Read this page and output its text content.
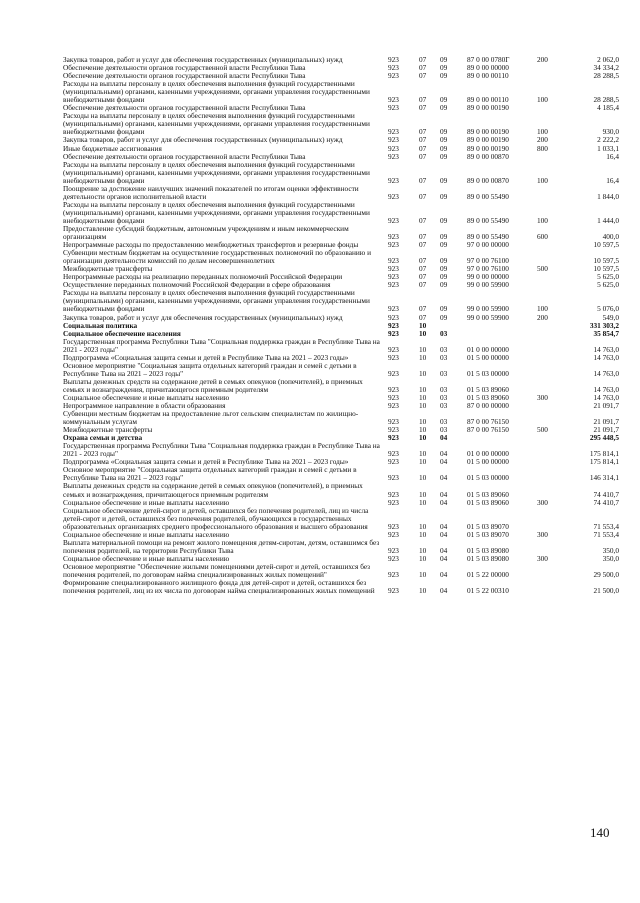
Закупка товаров, работ и услуг для обеспечения государственных (муниципальных) нужд	923	07 09	87 0 00 0780Г	200	2 062,0
Обеспечение деятельности органов государственной власти Республики Тыва	923	07 09	89 0 00 00000	34 334,2
Обеспечение деятельности органов государственной власти Республики Тыва	923	07 09	89 0 00 00110	28 288,5
Расходы на выплаты персоналу в целях обеспечения выполнения функций государственными (муниципальными) органами, казенными учреждениями, органами управления государственными внебюджетными фондами	923	07 09	89 0 00 00110	100	28 288,5
Обеспечение деятельности органов государственной власти Республики Тыва	923	07 09	89 0 00 00190	4 185,4
Расходы на выплаты персоналу в целях обеспечения выполнения функций государственными (муниципальными) органами, казенными учреждениями, органами управления государственными внебюджетными фондами	923	07 09	89 0 00 00190	100	930,0
Закупка товаров, работ и услуг для обеспечения государственных (муниципальных) нужд	923	07 09	89 0 00 00190	200	2 222,2
Иные бюджетные ассигнования	923	07 09	89 0 00 00190	800	1 033,1
Обеспечение деятельности органов государственной власти Республики Тыва	923	07 09	89 0 00 00870	16,4
Расходы на выплаты персоналу в целях обеспечения выполнения функций государственными (муниципальными) органами, казенными учреждениями, органами управления государственными внебюджетными фондами	923	07 09	89 0 00 00870	100	16,4
Поощрение за достижение наилучших значений показателей по итогам оценки эффективности деятельности органов исполнительной власти	923	07 09	89 0 00 55490	1 844,0
Расходы на выплаты персоналу в целях обеспечения выполнения функций государственными (муниципальными) органами, казенными учреждениями, органами управления государственными внебюджетными фондами	923	07 09	89 0 00 55490	100	1 444,0
Предоставление субсидий бюджетным, автономным учреждениям и иным некоммерческим организациям	923	07 09	89 0 00 55490	600	400,0
Непрограммные расходы по предоставлению межбюджетных трансфертов и резервные фонды	923	07 09	97 0 00 00000	10 597,5
Субвенции местным бюджетам на осуществление государственных полномочий по образованию и организации деятельности комиссий по делам несовершеннолетних	923	07 09	97 0 00 76100	10 597,5
Межбюджетные трансферты	923	07 09	97 0 00 76100	500	10 597,5
Непрограммные расходы на реализацию переданных полномочий Российской Федерации	923	07 09	99 0 00 00000	5 625,0
Осуществление переданных полномочий Российской Федерации в сфере образования	923	07 09	99 0 00 59900	5 625,0
Расходы на выплаты персоналу в целях обеспечения выполнения функций государственными (муниципальными) органами, казенными учреждениями, органами управления государственными внебюджетными фондами	923	07 09	99 0 00 59900	100	5 076,0
Закупка товаров, работ и услуг для обеспечения государственных (муниципальных) нужд	923	07 09	99 0 00 59900	200	549,0
Социальная политика	923	10	331 303,2
Социальное обеспечение населения	923	10 03	35 854,7
Государственная программа Республики Тыва "Социальная поддержка граждан в Республике Тыва на 2021 - 2023 годы"	923	10 03	01 0 00 00000	14 763,0
Подпрограмма «Социальная защита семьи и детей в Республике Тыва на 2021 – 2023 годы»	923	10 03	01 5 00 00000	14 763,0
Основное мероприятие "Социальная защита отдельных категорий граждан и семей с детьми в Республике Тыва на 2021 – 2023 годы"	923	10 03	01 5 03 00000	14 763,0
Выплаты денежных средств на содержание детей в семьях опекунов (попечителей), в приемных семьях и вознаграждения, причитающегося приемным родителям	923	10 03	01 5 03 89060	14 763,0
Социальное обеспечение и иные выплаты населению	923	10 03	01 5 03 89060	300	14 763,0
Непрограммное направление в области образования	923	10 03	87 0 00 00000	21 091,7
Субвенции местным бюджетам на предоставление льгот сельским специалистам по жилищно-коммунальным услугам	923	10 03	87 0 00 76150	21 091,7
Межбюджетные трансферты	923	10 03	87 0 00 76150	500	21 091,7
Охрана семьи и детства	923	10 04	295 448,5
Государственная программа Республики Тыва "Социальная поддержка граждан в Республике Тыва на 2021 - 2023 годы"	923	10 04	01 0 00 00000	175 814,1
Подпрограмма «Социальная защита семьи и детей в Республике Тыва на 2021 – 2023 годы»	923	10 04	01 5 00 00000	175 814,1
Основное мероприятие "Социальная защита отдельных категорий граждан и семей с детьми в Республике Тыва на 2021 – 2023 годы"	923	10 04	01 5 03 00000	146 314,1
Выплаты денежных средств на содержание детей в семьях опекунов (попечителей), в приемных семьях и вознаграждения, причитающегося приемным родителям	923	10 04	01 5 03 89060	74 410,7
Социальное обеспечение и иные выплаты населению	923	10 04	01 5 03 89060	300	74 410,7
Социальное обеспечение детей-сирот и детей, оставшихся без попечения родителей, лиц из числа детей-сирот и детей, оставшихся без попечения родителей, обучающихся в государственных образовательных организациях среднего профессионального образования и высшего образования	923	10 04	01 5 03 89070	71 553,4
Социальное обеспечение и иные выплаты населению	923	10 04	01 5 03 89070	300	71 553,4
Выплата материальной помощи на ремонт жилого помещения детям-сиротам, детям, оставшимся без попечения родителей, на территории Республики Тыва	923	10 04	01 5 03 89080	350,0
Социальное обеспечение и иные выплаты населению	923	10 04	01 5 03 89080	300	350,0
Основное мероприятие "Обеспечение жилыми помещениями детей-сирот и детей, оставшихся без попечения родителей, по договорам найма специализированных жилых помещений"	923	10 04	01 5 22 00000	29 500,0
Формирование специализированного жилищного фонда для детей-сирот и детей, оставшихся без попечения родителей, лиц из их числа по договорам найма специализированных жилых помещений	923	10 04	01 5 22 00310	21 500,0
140
